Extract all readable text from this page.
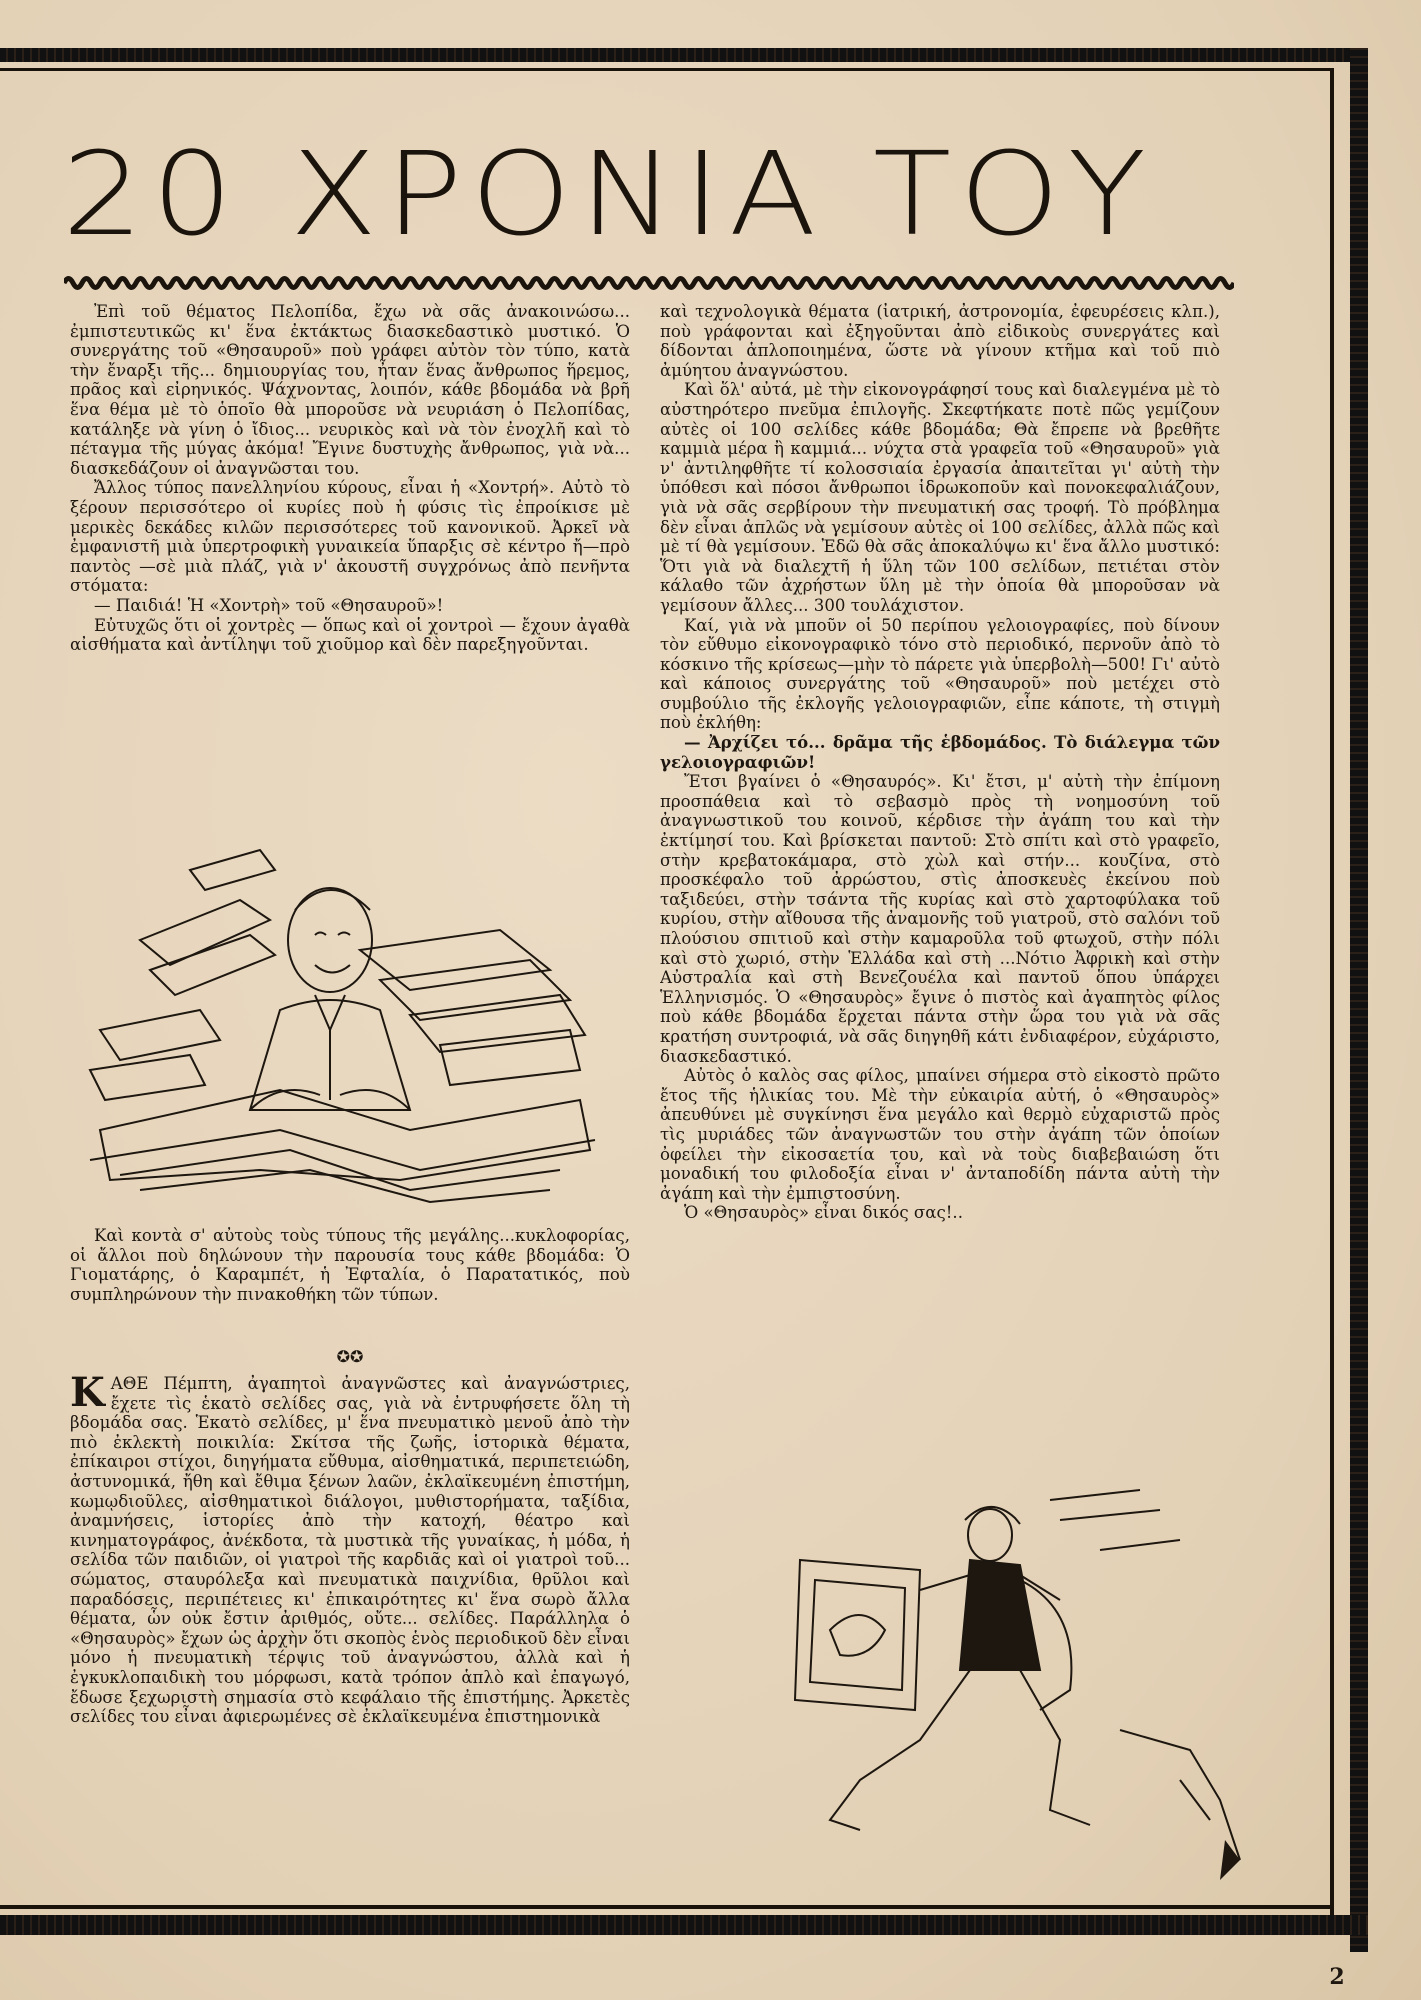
20 ΧΡΟΝΙΑ ΤΟΥ

Ἐπὶ τοῦ θέματος Πελοπίδα, ἔχω νὰ σᾶς ἀνακοινώσω... ἐμπιστευτικῶς κι' ἕνα ἐκτάκτως διασκεδαστικὸ μυστικό. Ὁ συνεργάτης τοῦ «Θησαυροῦ» ποὺ γράφει αὐτὸν τὸν τύπο, κατὰ τὴν ἔναρξι τῆς... δημιουργίας του, ἦταν ἕνας ἄνθρωπος ἥρεμος, πρᾶος καὶ εἰρηνικός. Ψάχνοντας, λοιπόν, κάθε βδομάδα νὰ βρῆ ἕνα θέμα μὲ τὸ ὁποῖο θὰ μποροῦσε νὰ νευριάση ὁ Πελοπίδας, κατάληξε νὰ γίνη ὁ ἴδιος... νευρικὸς καὶ νὰ τὸν ἐνοχλῆ καὶ τὸ πέταγμα τῆς μύγας ἀκόμα! Ἔγινε δυστυχὴς ἄνθρωπος, γιὰ νὰ... διασκεδάζουν οἱ ἀναγνῶσται του.

Ἄλλος τύπος πανελληνίου κύρους, εἶναι ἡ «Χοντρή». Αὐτὸ τὸ ξέρουν περισσότερο οἱ κυρίες ποὺ ἡ φύσις τὶς ἐπροίκισε μὲ μερικὲς δεκάδες κιλῶν περισσότερες τοῦ κανονικοῦ. Ἀρκεῖ νὰ ἐμφανιστῆ μιὰ ὑπερτροφικὴ γυναικεία ὕπαρξις σὲ κέντρο ἤ—πρὸ παντὸς —σὲ μιὰ πλάζ, γιὰ ν' ἀκουστῆ συγχρόνως ἀπὸ πενῆντα στόματα:

— Παιδιά! Ἡ «Χοντρὴ» τοῦ «Θησαυροῦ»!

Εὐτυχῶς ὅτι οἱ χοντρὲς — ὅπως καὶ οἱ χοντροὶ — ἔχουν ἀγαθὰ αἰσθήματα καὶ ἀντίληψι τοῦ χιοῦμορ καὶ δὲν παρεξηγοῦνται.

Καὶ κοντὰ σ' αὐτοὺς τοὺς τύπους τῆς μεγάλης...κυκλοφορίας, οἱ ἄλλοι ποὺ δηλώνουν τὴν παρουσία τους κάθε βδομάδα: Ὁ Γιοματάρης, ὁ Καραμπέτ, ἡ Ἐφταλία, ὁ Παρατατικός, ποὺ συμπληρώνουν τὴν πινακοθήκη τῶν τύπων.

✪✪

ΚΑΘΕ Πέμπτη, ἀγαπητοὶ ἀναγνῶστες καὶ ἀναγνώστριες, ἔχετε τὶς ἑκατὸ σελίδες σας, γιὰ νὰ ἐντρυφήσετε ὅλη τὴ βδομάδα σας. Ἑκατὸ σελίδες, μ' ἕνα πνευματικὸ μενοῦ ἀπὸ τὴν πιὸ ἐκλεκτὴ ποικιλία: Σκίτσα τῆς ζωῆς, ἱστορικὰ θέματα, ἐπίκαιροι στίχοι, διηγήματα εὔθυμα, αἰσθηματικά, περιπετειώδη, ἀστυνομικά, ἤθη καὶ ἔθιμα ξένων λαῶν, ἐκλαϊκευμένη ἐπιστήμη, κωμῳδιοῦλες, αἰσθηματικοὶ διάλογοι, μυθιστορήματα, ταξίδια, ἀναμνήσεις, ἱστορίες ἀπὸ τὴν κατοχή, θέατρο καὶ κινηματογράφος, ἀνέκδοτα, τὰ μυστικὰ τῆς γυναίκας, ἡ μόδα, ἡ σελίδα τῶν παιδιῶν, οἱ γιατροὶ τῆς καρδιᾶς καὶ οἱ γιατροὶ τοῦ... σώματος, σταυρόλεξα καὶ πνευματικὰ παιχνίδια, θρῦλοι καὶ παραδόσεις, περιπέτειες κι' ἐπικαιρότητες κι' ἕνα σωρὸ ἄλλα θέματα, ὧν οὐκ ἔστιν ἀριθμός, οὔτε... σελίδες. Παράλληλα ὁ «Θησαυρὸς» ἔχων ὡς ἀρχὴν ὅτι σκοπὸς ἑνὸς περιοδικοῦ δὲν εἶναι μόνο ἡ πνευματικὴ τέρψις τοῦ ἀναγνώστου, ἀλλὰ καὶ ἡ ἐγκυκλοπαιδικὴ του μόρφωσι, κατὰ τρόπον ἁπλὸ καὶ ἐπαγωγό, ἔδωσε ξεχωριστὴ σημασία στὸ κεφάλαιο τῆς ἐπιστήμης. Ἀρκετὲς σελίδες του εἶναι ἀφιερωμένες σὲ ἐκλαϊκευμένα ἐπιστημονικὰ

καὶ τεχνολογικὰ θέματα (ἰατρική, ἀστρονομία, ἐφευρέσεις κλπ.), ποὺ γράφονται καὶ ἐξηγοῦνται ἀπὸ εἰδικοὺς συνεργάτες καὶ δίδονται ἁπλοποιημένα, ὥστε νὰ γίνουν κτῆμα καὶ τοῦ πιὸ ἀμύητου ἀναγνώστου.

Καὶ ὅλ' αὐτά, μὲ τὴν εἰκονογράφησί τους καὶ διαλεγμένα μὲ τὸ αὐστηρότερο πνεῦμα ἐπιλογῆς. Σκεφτήκατε ποτὲ πῶς γεμίζουν αὐτὲς οἱ 100 σελίδες κάθε βδομάδα; Θὰ ἔπρεπε νὰ βρεθῆτε καμμιὰ μέρα ἢ καμμιά... νύχτα στὰ γραφεῖα τοῦ «Θησαυροῦ» γιὰ ν' ἀντιληφθῆτε τί κολοσσιαία ἐργασία ἀπαιτεῖται γι' αὐτὴ τὴν ὑπόθεσι καὶ πόσοι ἄνθρωποι ἱδρωκοποῦν καὶ πονοκεφαλιάζουν, γιὰ νὰ σᾶς σερβίρουν τὴν πνευματική σας τροφή. Τὸ πρόβλημα δὲν εἶναι ἁπλῶς νὰ γεμίσουν αὐτὲς οἱ 100 σελίδες, ἀλλὰ πῶς καὶ μὲ τί θὰ γεμίσουν. Ἐδῶ θὰ σᾶς ἀποκαλύψω κι' ἕνα ἄλλο μυστικό: Ὅτι γιὰ νὰ διαλεχτῆ ἡ ὕλη τῶν 100 σελίδων, πετιέται στὸν κάλαθο τῶν ἀχρήστων ὕλη μὲ τὴν ὁποία θὰ μποροῦσαν νὰ γεμίσουν ἄλλες... 300 τουλάχιστον.

Καί, γιὰ νὰ μποῦν οἱ 50 περίπου γελοιογραφίες, ποὺ δίνουν τὸν εὔθυμο εἰκονογραφικὸ τόνο στὸ περιοδικό, περνοῦν ἀπὸ τὸ κόσκινο τῆς κρίσεως—μὴν τὸ πάρετε γιὰ ὑπερβολὴ—500! Γι' αὐτὸ καὶ κάποιος συνεργάτης τοῦ «Θησαυροῦ» ποὺ μετέχει στὸ συμβούλιο τῆς ἐκλογῆς γελοιογραφιῶν, εἶπε κάποτε, τὴ στιγμὴ ποὺ ἐκλήθη:

— Ἀρχίζει τό... δρᾶμα τῆς ἑβδομάδος. Τὸ διάλεγμα τῶν γελοιογραφιῶν!

Ἔτσι βγαίνει ὁ «Θησαυρός». Κι' ἔτσι, μ' αὐτὴ τὴν ἐπίμονη προσπάθεια καὶ τὸ σεβασμὸ πρὸς τὴ νοημοσύνη τοῦ ἀναγνωστικοῦ του κοινοῦ, κέρδισε τὴν ἀγάπη του καὶ τὴν ἐκτίμησί του. Καὶ βρίσκεται παντοῦ: Στὸ σπίτι καὶ στὸ γραφεῖο, στὴν κρεβατοκάμαρα, στὸ χὼλ καὶ στήν... κουζίνα, στὸ προσκέφαλο τοῦ ἀρρώστου, στὶς ἀποσκευὲς ἐκείνου ποὺ ταξιδεύει, στὴν τσάντα τῆς κυρίας καὶ στὸ χαρτοφύλακα τοῦ κυρίου, στὴν αἴθουσα τῆς ἀναμονῆς τοῦ γιατροῦ, στὸ σαλόνι τοῦ πλούσιου σπιτιοῦ καὶ στὴν καμαροῦλα τοῦ φτωχοῦ, στὴν πόλι καὶ στὸ χωριό, στὴν Ἑλλάδα καὶ στὴ ...Νότιο Ἀφρικὴ καὶ στὴν Αὐστραλία καὶ στὴ Βενεζουέλα καὶ παντοῦ ὅπου ὑπάρχει Ἑλληνισμός. Ὁ «Θησαυρὸς» ἔγινε ὁ πιστὸς καὶ ἀγαπητὸς φίλος ποὺ κάθε βδομάδα ἔρχεται πάντα στὴν ὥρα του γιὰ νὰ σᾶς κρατήση συντροφιά, νὰ σᾶς διηγηθῆ κάτι ἐνδιαφέρον, εὐχάριστο, διασκεδαστικό.

Αὐτὸς ὁ καλὸς σας φίλος, μπαίνει σήμερα στὸ εἰκοστὸ πρῶτο ἔτος τῆς ἡλικίας του. Μὲ τὴν εὐκαιρία αὐτή, ὁ «Θησαυρὸς» ἀπευθύνει μὲ συγκίνησι ἕνα μεγάλο καὶ θερμὸ εὐχαριστῶ πρὸς τὶς μυριάδες τῶν ἀναγνωστῶν του στὴν ἀγάπη τῶν ὁποίων ὀφείλει τὴν εἰκοσαετία του, καὶ νὰ τοὺς διαβεβαιώση ὅτι μοναδική του φιλοδοξία εἶναι ν' ἀνταποδίδη πάντα αὐτὴ τὴν ἀγάπη καὶ τὴν ἐμπιστοσύνη.

Ὁ «Θησαυρὸς» εἶναι δικός σας!..

2
